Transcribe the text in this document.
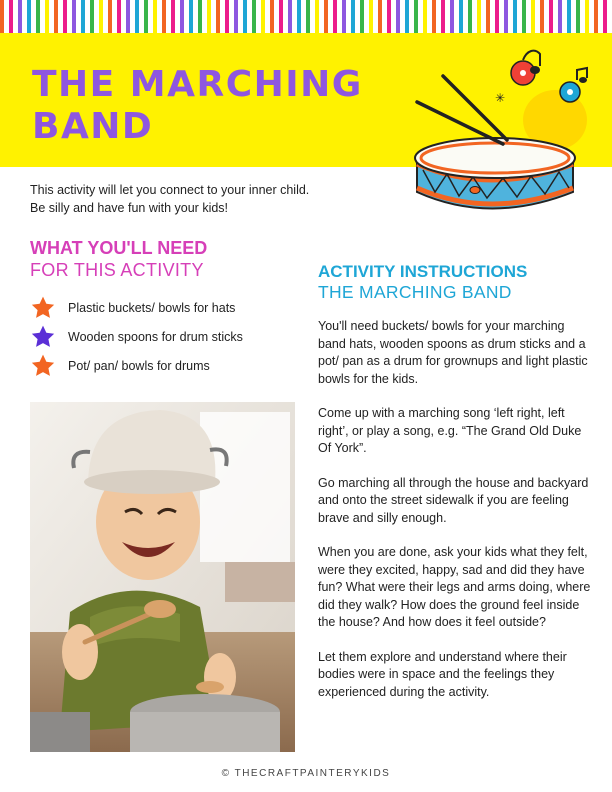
THE MARCHING
BAND
✳
This activity will let you connect to your inner child.
Be silly and have fun with your kids!
WHAT YOU'LL NEED
FOR THIS ACTIVITY
Plastic buckets/ bowls for hats
Wooden spoons for drum sticks
Pot/ pan/ bowls for drums
ACTIVITY INSTRUCTIONS
THE MARCHING BAND

You'll need buckets/ bowls for your marching band hats, wooden spoons as drum sticks and a pot/ pan as a drum for grownups and light plastic bowls for the kids.

Come up with a marching song ‘left right, left right’, or play a song, e.g. “The Grand Old Duke Of York”.

Go marching all through the house and backyard and onto the street sidewalk if you are feeling brave and silly enough.

When you are done, ask your kids what they felt, were they excited, happy, sad and did they have fun? What were their legs and arms doing, where did they walk? How does the ground feel inside the house? And how does it feel outside?

Let them explore and understand where their bodies were in space and the feelings they experienced during the activity.

© THECRAFTPAINTERYKIDS
